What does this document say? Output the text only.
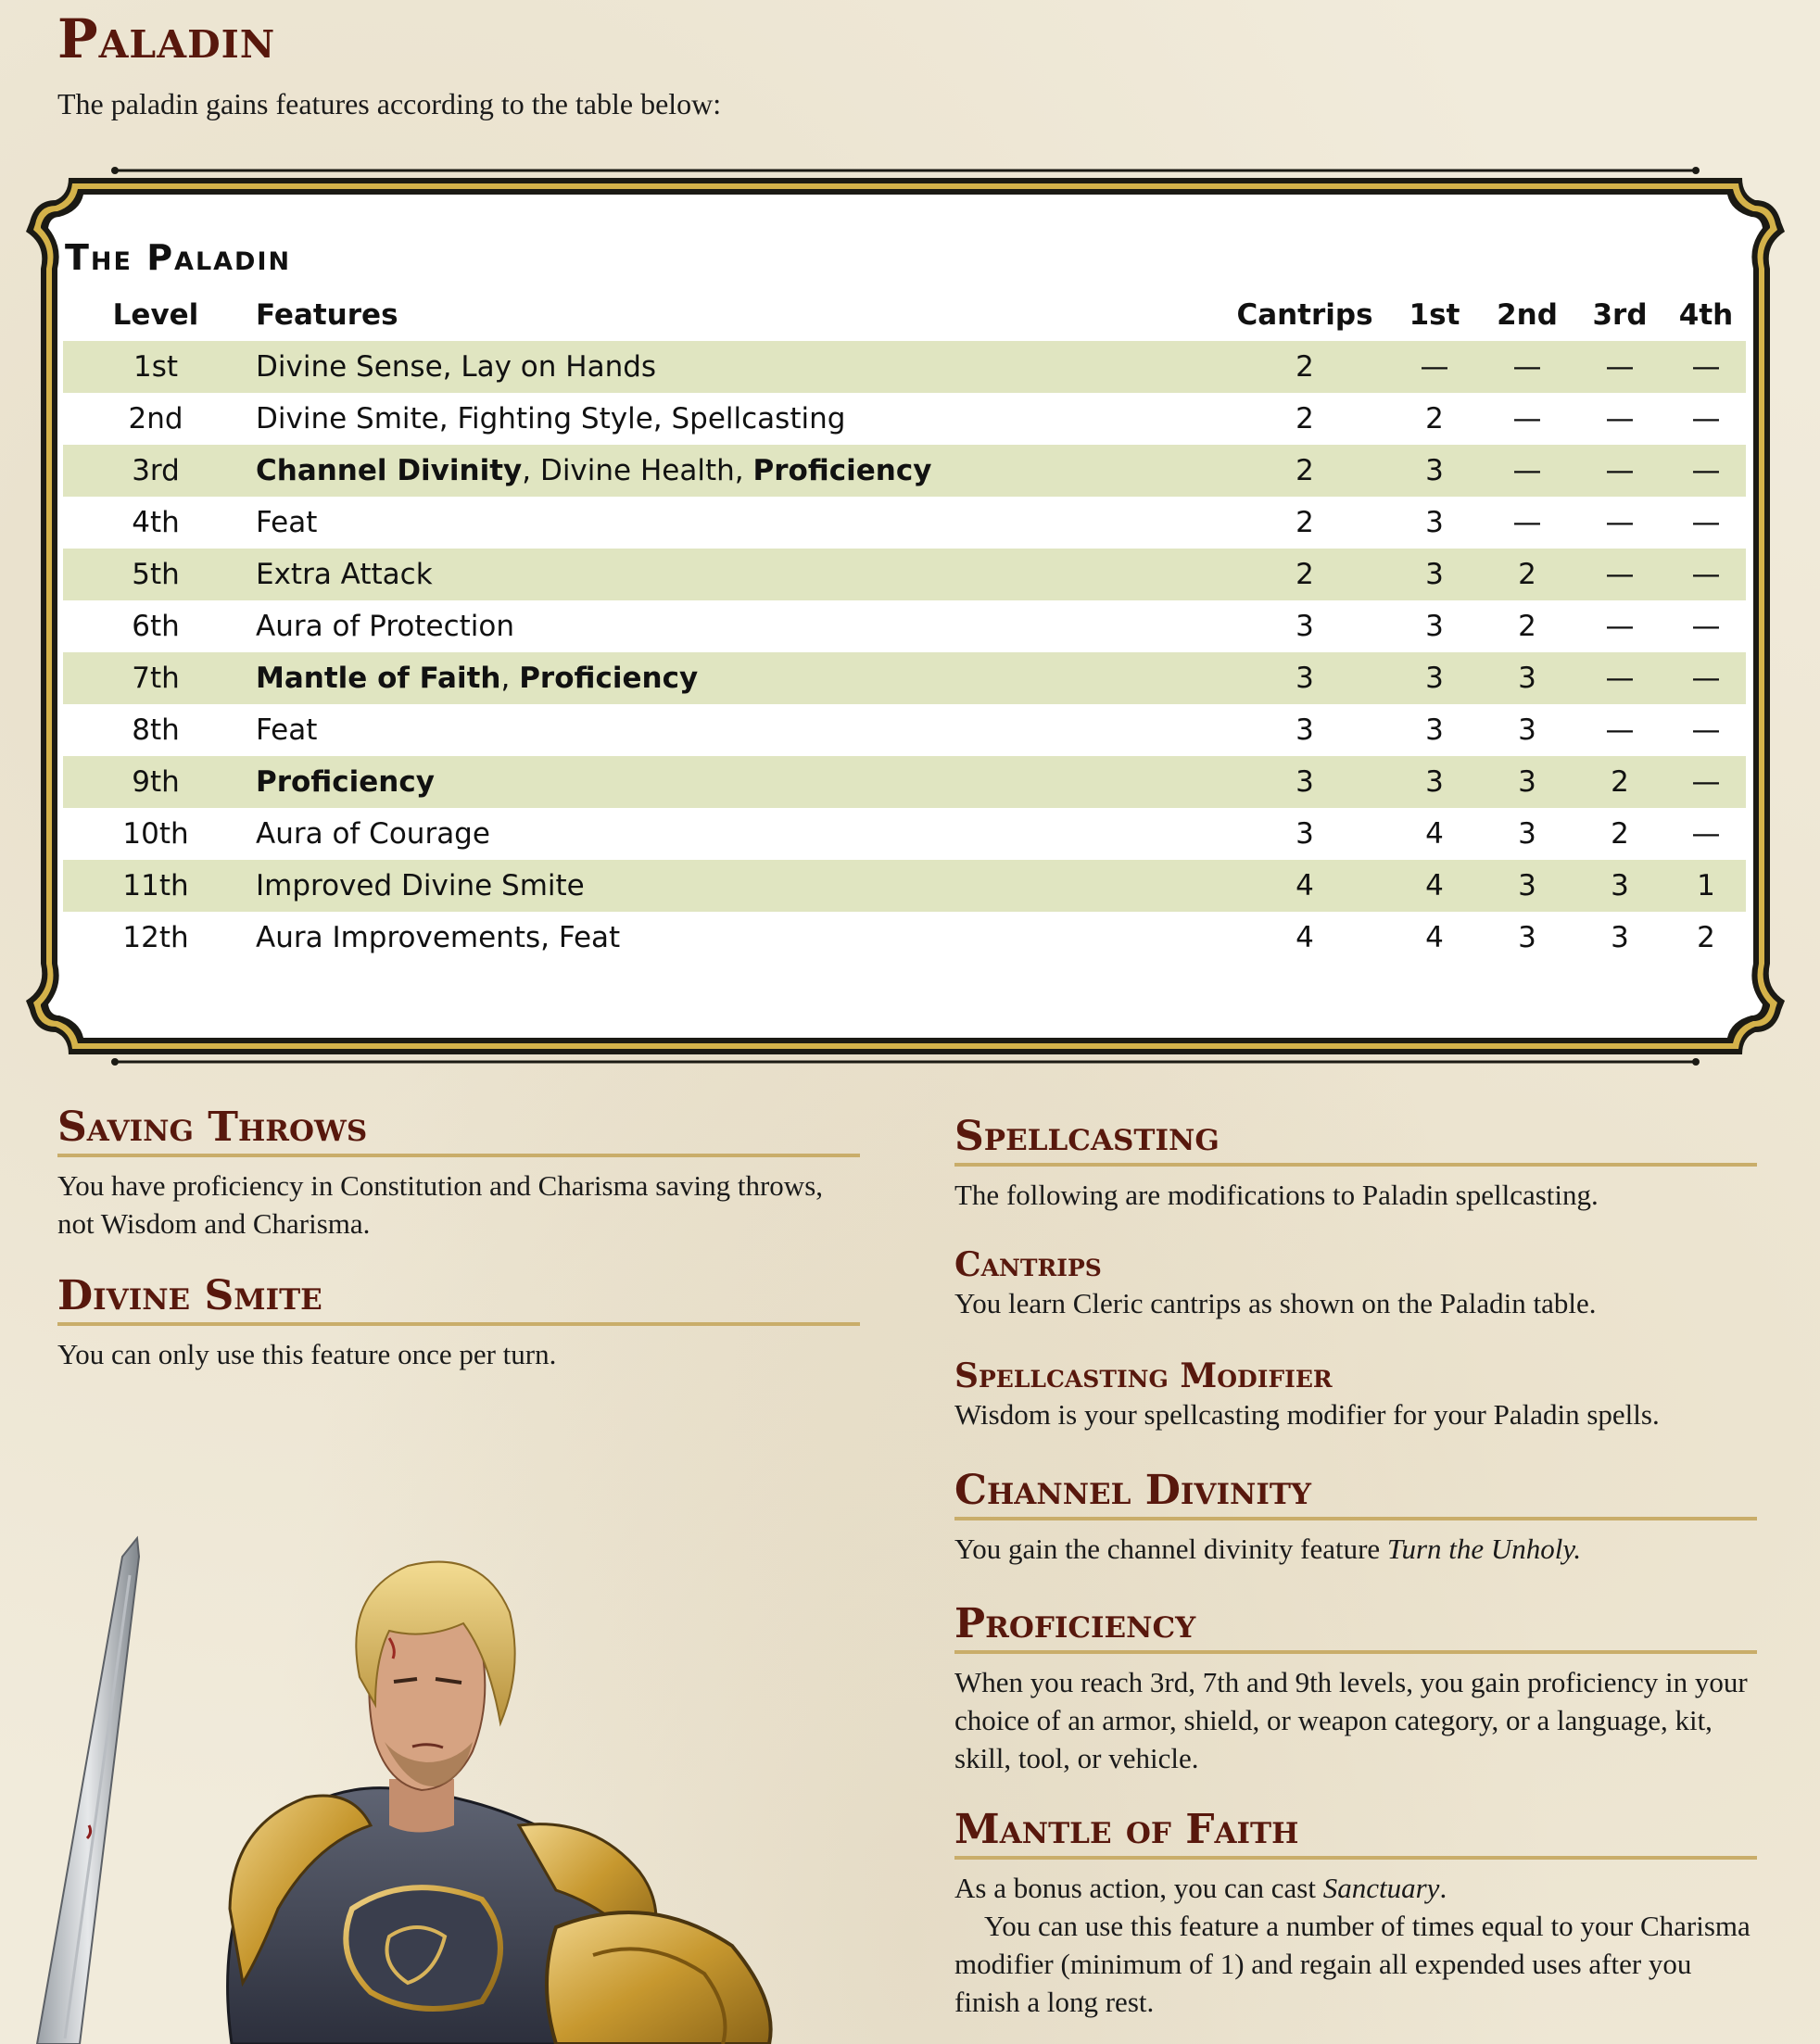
Paladin

The paladin gains features according to the table below:

The Paladin
Level	Features	Cantrips	1st	2nd	3rd	4th
1st	Divine Sense, Lay on Hands	2	—	—	—	—
2nd	Divine Smite, Fighting Style, Spellcasting	2	2	—	—	—
3rd	Channel Divinity, Divine Health, Proficiency	2	3	—	—	—
4th	Feat	2	3	—	—	—
5th	Extra Attack	2	3	2	—	—
6th	Aura of Protection	3	3	2	—	—
7th	Mantle of Faith, Proficiency	3	3	3	—	—
8th	Feat	3	3	3	—	—
9th	Proficiency	3	3	3	2	—
10th	Aura of Courage	3	4	3	2	—
11th	Improved Divine Smite	4	4	3	3	1
12th	Aura Improvements, Feat	4	4	3	3	2
Saving Throws

You have proficiency in Constitution and Charisma saving throws, not Wisdom and Charisma.

Divine Smite

You can only use this feature once per turn.

Spellcasting

The following are modifications to Paladin spellcasting.

Cantrips

You learn Cleric cantrips as shown on the Paladin table.

Spellcasting Modifier

Wisdom is your spellcasting modifier for your Paladin spells.

Channel Divinity

You gain the channel divinity feature Turn the Unholy.

Proficiency

When you reach 3rd, 7th and 9th levels, you gain proficiency in your choice of an armor, shield, or weapon category, or a language, kit, skill, tool, or vehicle.

Mantle of Faith

As a bonus action, you can cast Sanctuary.

You can use this feature a number of times equal to your Charisma modifier (minimum of 1) and regain all expended uses after you finish a long rest.
